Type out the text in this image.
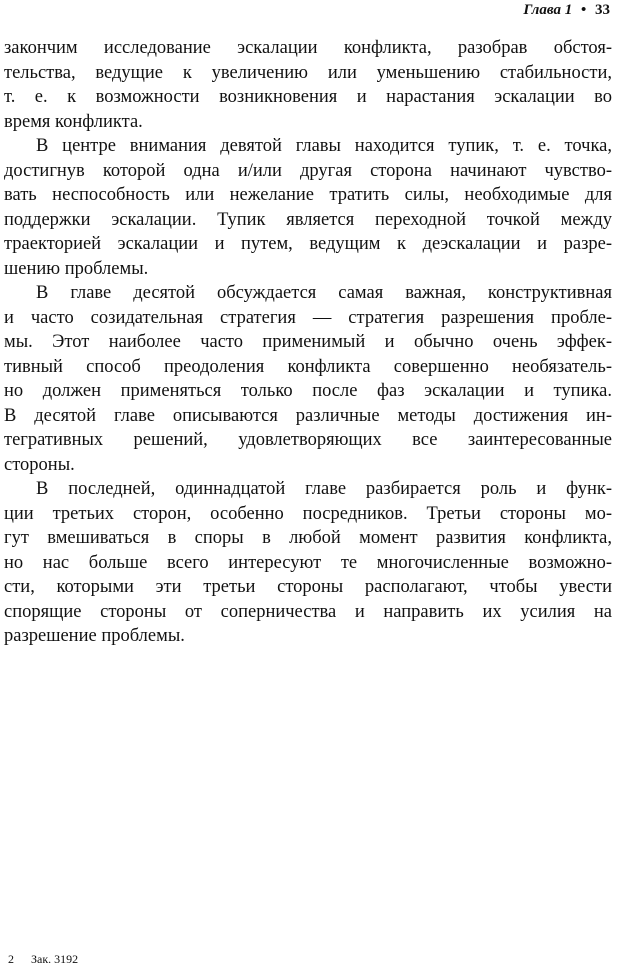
Глава 1 • 33
закончим исследование эскалации конфликта, разобрав обстоя-
тельства, ведущие к увеличению или уменьшению стабильности,
т. е. к возможности возникновения и нарастания эскалации во
время конфликта.
В центре внимания девятой главы находится тупик, т. е. точка,
достигнув которой одна и/или другая сторона начинают чувство-
вать неспособность или нежелание тратить силы, необходимые для
поддержки эскалации. Тупик является переходной точкой между
траекторией эскалации и путем, ведущим к деэскалации и разре-
шению проблемы.
В главе десятой обсуждается самая важная, конструктивная
и часто созидательная стратегия — стратегия разрешения пробле-
мы. Этот наиболее часто применимый и обычно очень эффек-
тивный способ преодоления конфликта совершенно необязатель-
но должен применяться только после фаз эскалации и тупика.
В десятой главе описываются различные методы достижения ин-
тегративных решений, удовлетворяющих все заинтересованные
стороны.
В последней, одиннадцатой главе разбирается роль и функ-
ции третьих сторон, особенно посредников. Третьи стороны мо-
гут вмешиваться в споры в любой момент развития конфликта,
но нас больше всего интересуют те многочисленные возможно-
сти, которыми эти третьи стороны располагают, чтобы увести
спорящие стороны от соперничества и направить их усилия на
разрешение проблемы.
2 Зак. 3192
